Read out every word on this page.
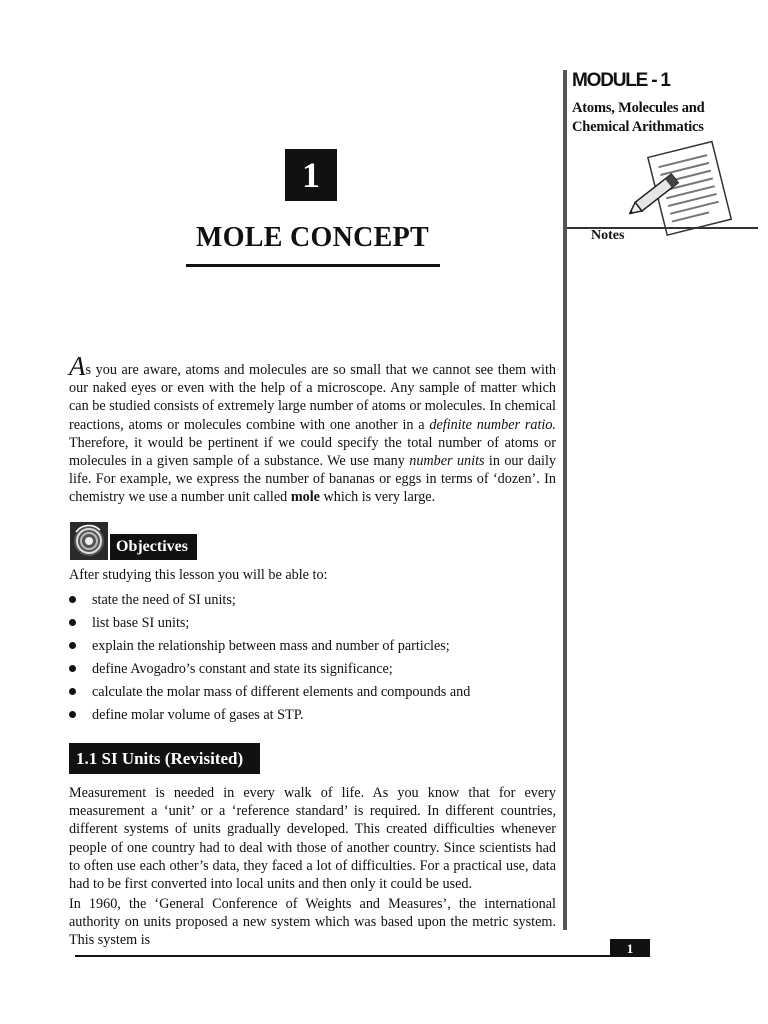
MODULE - 1
Atoms, Molecules and
Chemical Arithmatics
Notes
1
MOLE CONCEPT
As you are aware, atoms and molecules are so small that we cannot see them with our naked eyes or even with the help of a microscope. Any sample of matter which can be studied consists of extremely large number of atoms or molecules. In chemical reactions, atoms or molecules combine with one another in a definite number ratio. Therefore, it would be pertinent if we could specify the total number of atoms or molecules in a given sample of a substance. We use many number units in our daily life. For example, we express the number of bananas or eggs in terms of ‘dozen’. In chemistry we use a number unit called mole which is very large.
Objectives
After studying this lesson you will be able to:
state the need of SI units;
list base SI units;
explain the relationship between mass and number of particles;
define Avogadro’s constant and state its significance;
calculate the molar mass of different elements and compounds and
define molar volume of gases at STP.
1.1 SI Units (Revisited)
Measurement is needed in every walk of life. As you know that for every measurement a ‘unit’ or a ‘reference standard’ is required. In different countries, different systems of units gradually developed. This created difficulties whenever people of one country had to deal with those of another country. Since scientists had to often use each other’s data, they faced a lot of difficulties. For a practical use, data had to be first converted into local units and then only it could be used.
In 1960, the ‘General Conference of Weights and Measures’, the international authority on units proposed a new system which was based upon the metric system. This system is
1
